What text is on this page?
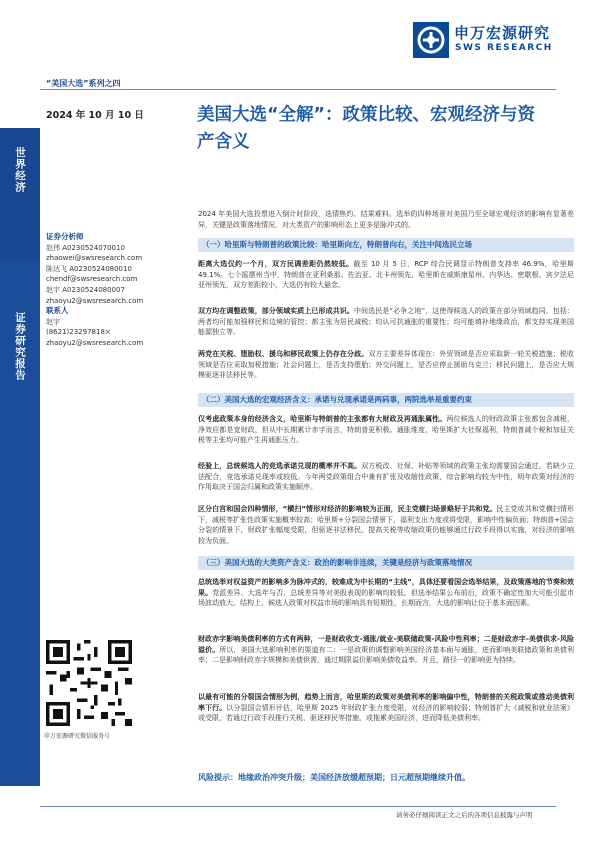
申万宏源研究
SWS RESEARCH
“美国大选”系列之四
2024 年 10 月 10 日	美国大选“全解”：政策比较、宏观经济与资产含义
世界经济
证券研究报告
证券分析师
赵伟 A0230524070010
zhaowei@swsresearch.com
陈达飞 A0230524080010
chendf@swsresearch.com
赵宇 A0230524080007
zhaoyu2@swsresearch.com
联系人
赵宇
(8621)23297818×
zhaoyu2@swsresearch.com
申万宏源研究微信服务号
2024 年美国大选投票进入倒计时阶段，选情焦灼、结果难料。选举的四种场景对美国乃至全球宏观经济的影响有显著差异，关键是政策落地情况，对大类资产的影响形态上更多是脉冲式的。
（一）哈里斯与特朗普的政策比较：哈里斯向左，特朗普向右，关注中间选民立场
距离大选仅约一个月，双方民调差距仍然较低。截至 10 月 5 日，RCP 综合民调显示特朗普支持率 46.9%，哈里斯 49.1%。七个摇摆州当中，特朗普在亚利桑那、佐治亚、北卡州领先，哈里斯在威斯康星州、内华达、密歇根、宾夕法尼亚州领先，双方差距较小，大选仍有较大悬念。
双方均在调整政策，部分领域实质上已形成共识。中间选民是“必争之地”，这使得候选人的政策在部分领域趋同，包括：两者均可能加强移民和边境的管控；都主张为居民减税；均认可抗通胀的重要性；均可能填补地缘政治，都支持实现美国能源独立等。
两党在关税、堕胎权、援乌和移民政策上仍存在分歧。双方主要差异体现在：外贸领域是否应采取新一轮关税措施；税收领域是否应采取加税措施；社会问题上，是否支持堕胎；外交问题上，是否应停止援助乌克兰；移民问题上，是否应大规模驱逐非法移民等。
（二）美国大选的宏观经济含义：承诺与兑现承诺是两码事，两院选举是重要约束
仅考虑政策本身的经济含义，哈里斯与特朗普的主张都有大财政及再通胀属性。两位候选人的财政政策主张都包含减税，净效应都是宽财政，但从中长期累计赤字而言，特朗普更积极。通胀维度，哈里斯扩大社保福利，特朗普减个税和加征关税等主张均可能产生再通胀压力。
经验上，总统候选人的竞选承诺兑现的概率并不高。双方税改、社保、补贴等领域的政策主张均需要国会通过。若缺少立法配合，竞选承诺兑现率或较低。今年两党政策组合中兼有扩张及收缩性政策，综合影响均较为中性，明年政策对经济的作用取决于国会归属和政策实施顺序。
区分白宫和国会四种情形，“横扫”情形对经济的影响较为正面，民主党横扫场景略好于共和党。民主党或共和党横扫情形下，减税等扩张性政策实施概率较高；哈里斯+分裂国会情景下，福利支出力度或将受限，影响中性偏负面；特朗普+国会分裂的情景下，财政扩张幅度受限，但驱逐非法移民、提高关税等收缩政策仍能够通过行政手段得以实施，对经济的影响较为负面。
（三）美国大选的大类资产含义：政治的影响非连续，关键是经济与政策落地情况
总统选举对权益资产的影响多为脉冲式的，较难成为中长期的“主线”，具体还要看国会选举结果，及政策落地的节奏和效果。党派差异、大选年与否、总统差异等对美股表现的影响均较低，但选举结果公布前后，政策不确定性加大可能引起市场波动放大。结构上，候选人政策对权益市场的影响具有短期性，长期而言，大选的影响让位于基本面因素。
财政赤字影响美债利率的方式有两种，一是财政收支-通胀/就业-美联储政策-风险中性利率；二是财政赤字-美债供求-风险溢价。所以，美国大选影响利率的渠道有二：一是政策的调整影响美国经济基本面与通胀，进而影响美联储政策和美债利率；二是影响财政赤字规模和美债供需，通过期限溢价影响美债收益率。并且，路径一的影响更为持续。
以最有可能的分裂国会情形为例，趋势上而言，哈里斯的政策对美债利率的影响偏中性，特朗普的关税政策或推动美债利率下行。以分裂国会情形评估，哈里斯 2025 年财政扩张力度受限，对经济的影响较弱；特朗普扩大《减税和就业法案》或受限，若通过行政手段推行关税、驱逐移民等措施，或拖累美国经济，进而降低美债利率。
风险提示：地缘政治冲突升级；美国经济放缓超预期；日元超预期继续升值。
请务必仔细阅读正文之后的各项信息披露与声明
